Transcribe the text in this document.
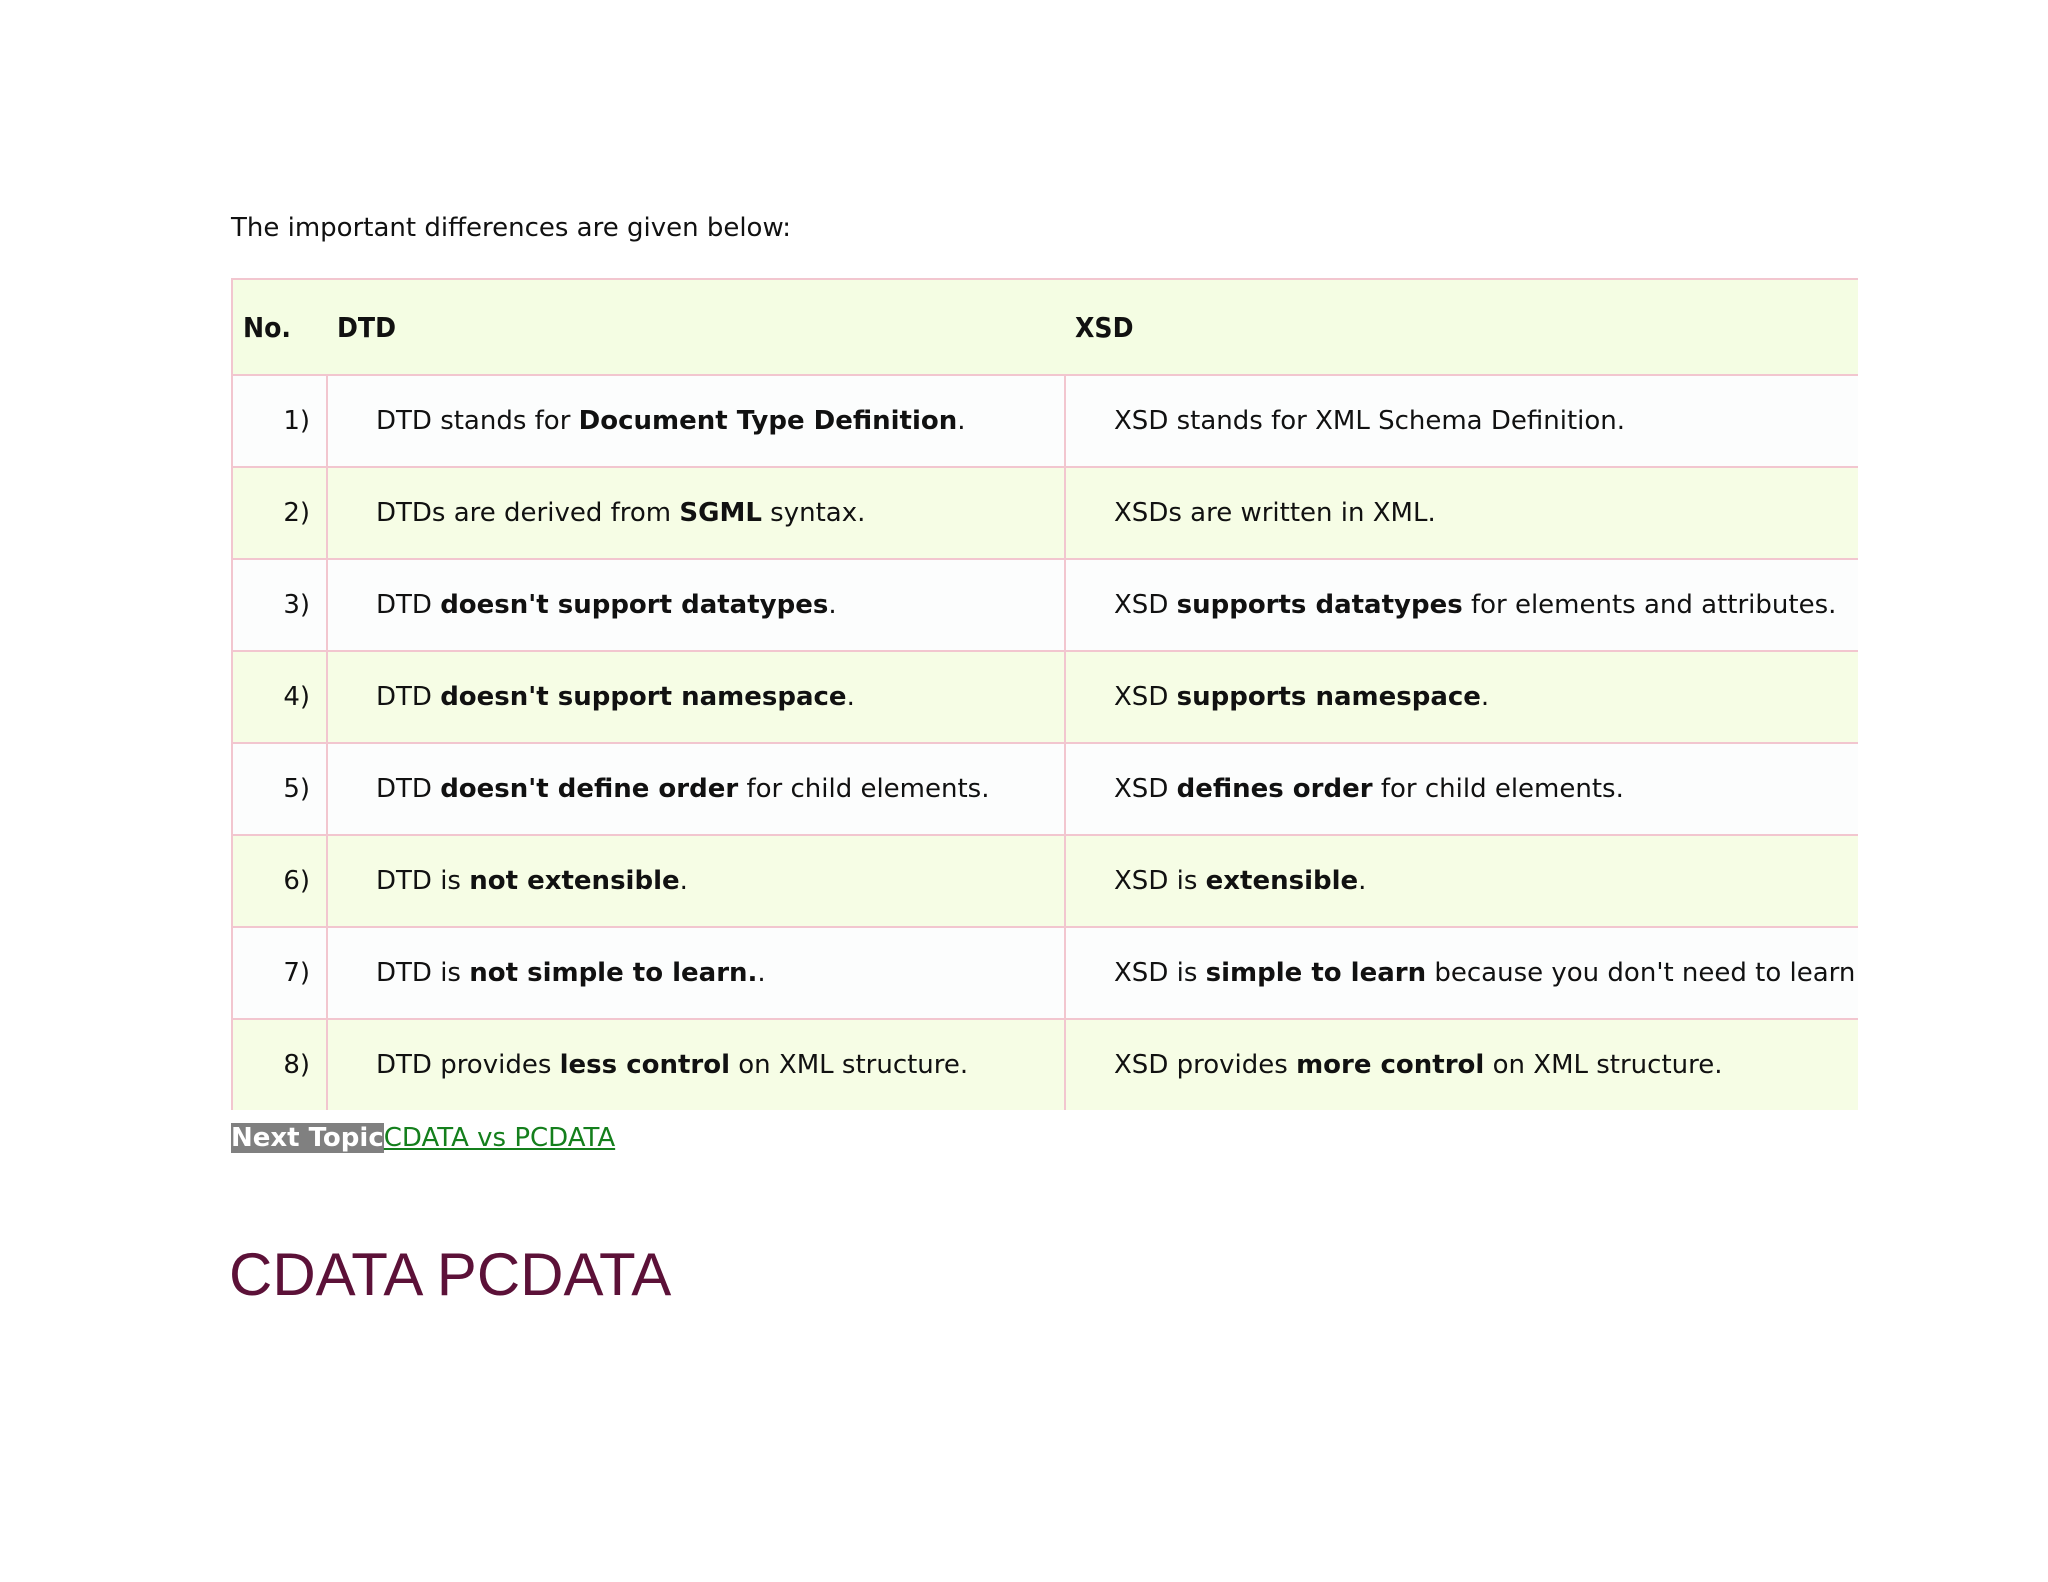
The important differences are given below:

No.	DTD	XSD
1)	DTD stands for Document Type Definition.	XSD stands for XML Schema Definition.
2)	DTDs are derived from SGML syntax.	XSDs are written in XML.
3)	DTD doesn't support datatypes.	XSD supports datatypes for elements and attributes.
4)	DTD doesn't support namespace.	XSD supports namespace.
5)	DTD doesn't define order for child elements.	XSD defines order for child elements.
6)	DTD is not extensible.	XSD is extensible.
7)	DTD is not simple to learn..	XSD is simple to learn because you don't need to learn
8)	DTD provides less control on XML structure.	XSD provides more control on XML structure.
Next TopicCDATA vs PCDATA
CDATA PCDATA
